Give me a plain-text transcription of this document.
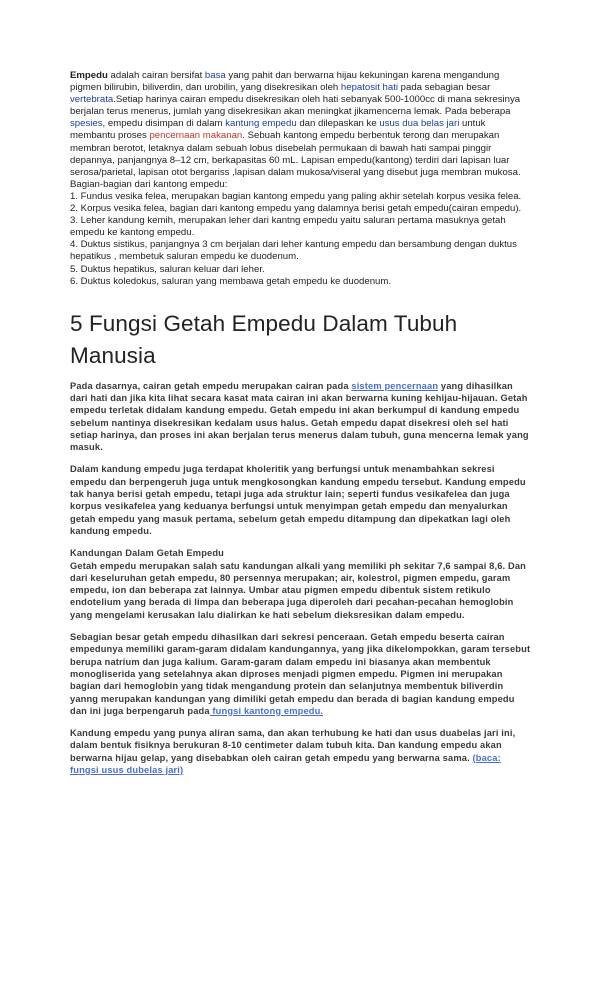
Empedu adalah cairan bersifat basa yang pahit dan berwarna hijau kekuningan karena mengandung pigmen bilirubin, biliverdin, dan urobilin, yang disekresikan oleh hepatosit hati pada sebagian besar vertebrata.Setiap harinya cairan empedu disekresikan oleh hati sebanyak 500-1000cc di mana sekresinya berjalan terus menerus, jumlah yang disekresikan akan meningkat jikamencerna lemak. Pada beberapa spesies, empedu disimpan di dalam kantung empedu dan dilepaskan ke usus dua belas jari untuk membantu proses pencernaan makanan. Sebuah kantong empedu berbentuk terong dan merupakan membran berotot, letaknya dalam sebuah lobus disebelah permukaan di bawah hati sampai pinggir depannya, panjangnya 8–12 cm, berkapasitas 60 mL. Lapisan empedu(kantong) terdiri dari lapisan luar serosa/parietal, lapisan otot bergariss ,lapisan dalam mukosa/viseral yang disebut juga membran mukosa.

Bagian-bagian dari kantong empedu:

1. Fundus vesika felea, merupakan bagian kantong empedu yang paling akhir setelah korpus vesika felea.
2. Korpus vesika felea, bagian dari kantong empedu yang dalamnya berisi getah empedu(cairan empedu).
3. Leher kandung kemih, merupakan leher dari kantng empedu yaitu saluran pertama masuknya getah empedu ke kantong empedu.
4. Duktus sistikus, panjangnya 3 cm berjalan dari leher kantung empedu dan bersambung dengan duktus hepatikus , membetuk saluran empedu ke duodenum.
5. Duktus hepatikus, saluran keluar dari leher.
6. Duktus koledokus, saluran yang membawa getah empedu ke duodenum.
5 Fungsi Getah Empedu Dalam Tubuh Manusia

Pada dasarnya, cairan getah empedu merupakan cairan pada sistem pencernaan yang dihasilkan dari hati dan jika kita lihat secara kasat mata cairan ini akan berwarna kuning kehijau-hijauan. Getah empedu terletak didalam kandung empedu. Getah empedu ini akan berkumpul di kandung empedu sebelum nantinya disekresikan kedalam usus halus. Getah empedu dapat disekresi oleh sel hati setiap harinya, dan proses ini akan berjalan terus menerus dalam tubuh, guna mencerna lemak yang masuk.

Dalam kandung empedu juga terdapat kholeritik yang berfungsi untuk menambahkan sekresi empedu dan berpengeruh juga untuk mengkosongkan kandung empedu tersebut. Kandung empedu tak hanya berisi getah empedu, tetapi juga ada struktur lain; seperti fundus vesikafelea dan juga korpus vesikafelea yang keduanya berfungsi untuk menyimpan getah empedu dan menyalurkan getah empedu yang masuk pertama, sebelum getah empedu ditampung dan dipekatkan lagi oleh kandung empedu.

Kandungan Dalam Getah Empedu
Getah empedu merupakan salah satu kandungan alkali yang memiliki ph sekitar 7,6 sampai 8,6. Dan dari keseluruhan getah empedu, 80 persennya merupakan; air, kolestrol, pigmen empedu, garam empedu, ion dan beberapa zat lainnya. Umbar atau pigmen empedu dibentuk sistem retikulo endotelium yang berada di limpa dan beberapa juga diperoleh dari pecahan-pecahan hemoglobin yang mengelami kerusakan lalu dialirkan ke hati sebelum dieksresikan dalam empedu.

Sebagian besar getah empedu dihasilkan dari sekresi penceraan. Getah empedu beserta cairan empedunya memiliki garam-garam didalam kandungannya, yang jika dikelompokkan, garam tersebut berupa natrium dan juga kalium. Garam-garam dalam empedu ini biasanya akan membentuk monogliserida yang setelahnya akan diproses menjadi pigmen empedu. Pigmen ini merupakan bagian dari hemoglobin yang tidak mengandung protein dan selanjutnya membentuk biliverdin yanng merupakan kandungan yang dimiliki getah empedu dan berada di bagian kandung empedu dan ini juga berpengaruh pada fungsi kantong empedu.

Kandung empedu yang punya aliran sama, dan akan terhubung ke hati dan usus duabelas jari ini, dalam bentuk fisiknya berukuran 8-10 centimeter dalam tubuh kita. Dan kandung empedu akan berwarna hijau gelap, yang disebabkan oleh cairan getah empedu yang berwarna sama. (baca: fungsi usus dubelas jari)
